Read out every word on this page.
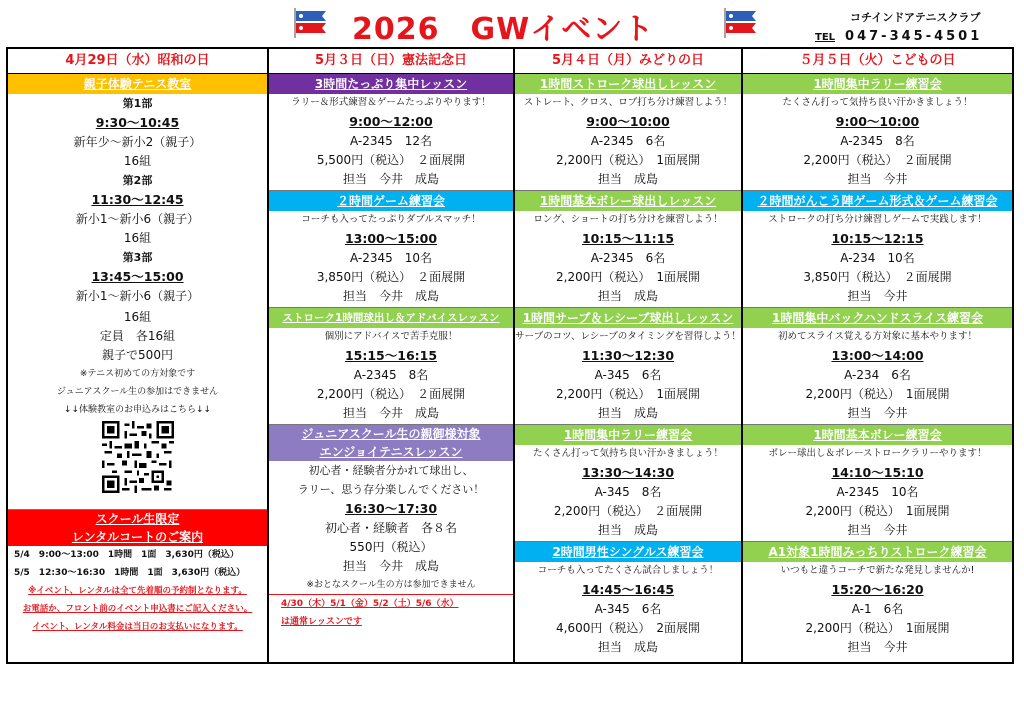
2026　GWイベント	コチインドアテニスクラブ
TEL 047-345-4501
4月29日（水）昭和の日
親子体験テニス教室
第1部
9:30〜10:45
新年少〜新小2（親子）
16組
第2部
11:30〜12:45
新小1〜新小6（親子）
16組
第3部
13:45〜15:00
新小1〜新小6（親子）
16組
定員　各16組
親子で500円
※テニス初めての方対象です
ジュニアスクール生の参加はできません
↓↓体験教室のお申込みはこちら↓↓
スクール生限定
レンタルコートのご案内
5/4　9:00〜13:00　1時間　1面　3,630円（税込）
5/5　12:30〜16:30　1時間　1面　3,630円（税込）
※イベント、レンタルは全て先着順の予約制となります。
お電話か、フロント前のイベント申込書にご記入ください。
イベント、レンタル料金は当日のお支払いになります。
5月３日（日）憲法記念日
3時間たっぷり集中レッスン
ラリー＆形式練習＆ゲームたっぷりやります！
9:00〜12:00
A-2345　12名
5,500円（税込）　２面展開
担当　今井　成島
２時間ゲーム練習会
コーチも入ってたっぷりダブルスマッチ！
13:00〜15:00
A-2345　10名
3,850円（税込）　２面展開
担当　今井　成島
ストローク1時間球出し＆アドバイスレッスン
個別にアドバイスで苦手克服！
15:15〜16:15
A-2345　8名
2,200円（税込）　２面展開
担当　今井　成島
ジュニアスクール生の親御様対象
エンジョイテニスレッスン
初心者・経験者分かれて球出し、
ラリー、思う存分楽しんでください！
16:30〜17:30
初心者・経験者　各８名
550円（税込）
担当　今井　成島
※おとなスクール生の方は参加できません
4/30（木）5/1（金）5/2（土）5/6（水）
は通常レッスンです
5月４日（月）みどりの日
1時間ストローク球出しレッスン
ストレート、クロス、ロブ打ち分け練習しよう！
9:00〜10:00
A-2345　6名
2,200円（税込）　1面展開
担当　成島
1時間基本ボレー球出しレッスン
ロング、ショートの打ち分けを練習しよう！
10:15〜11:15
A-2345　6名
2,200円（税込）　1面展開
担当　成島
1時間サーブ＆レシーブ球出しレッスン
サーブのコツ、レシーブのタイミングを習得しよう！
11:30〜12:30
A-345　6名
2,200円（税込）　1面展開
担当　成島
1時間集中ラリー練習会
たくさん打って気持ち良い汗かきましょう！
13:30〜14:30
A-345　8名
2,200円（税込）　２面展開
担当　成島
2時間男性シングルス練習会
コーチも入ってたくさん試合しましょう！
14:45〜16:45
A-345　6名
4,600円（税込）　2面展開
担当　成島
５月５日（火）こどもの日
1時間集中ラリー練習会
たくさん打って気持ち良い汗かきましょう！
9:00〜10:00
A-2345　8名
2,200円（税込）　２面展開
担当　今井
２時間がんこう陣ゲーム形式＆ゲーム練習会
ストロークの打ち分け練習しゲームで実践します！
10:15〜12:15
A-234　10名
3,850円（税込）　２面展開
担当　今井
1時間集中バックハンドスライス練習会
初めてスライス覚える方対象に基本やります！
13:00〜14:00
A-234　6名
2,200円（税込）　1面展開
担当　今井
1時間基本ボレー練習会
ボレー球出し＆ボレーストロークラリーやります！
14:10〜15:10
A-2345　10名
2,200円（税込）　1面展開
担当　今井
A1対象1時間みっちりストローク練習会
いつもと違うコーチで新たな発見しませんか!
15:20〜16:20
A-1　6名
2,200円（税込）　1面展開
担当　今井
